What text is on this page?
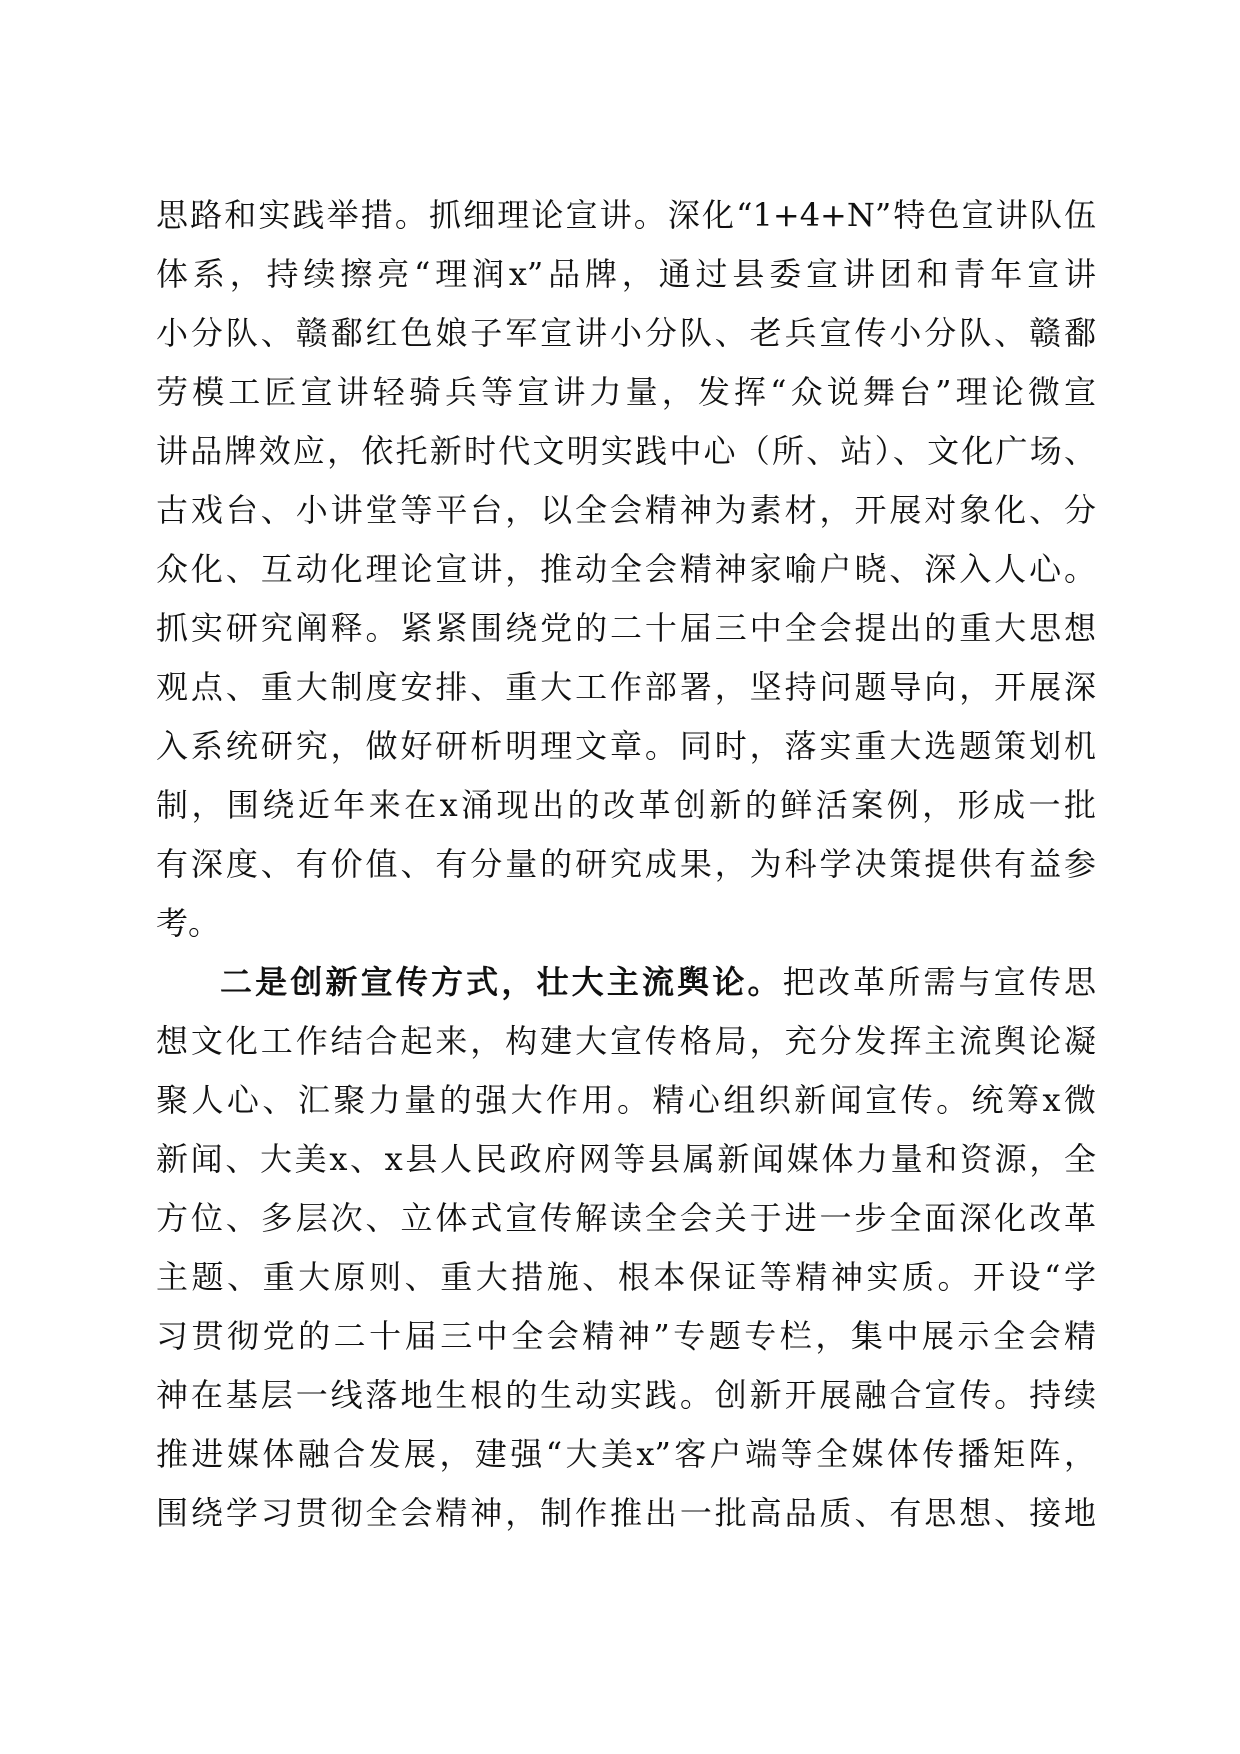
思路和实践举措。抓细理论宣讲。深化“1+4+N”特色宣讲队伍
体系，持续擦亮“理润x”品牌，通过县委宣讲团和青年宣讲
小分队、赣鄱红色娘子军宣讲小分队、老兵宣传小分队、赣鄱
劳模工匠宣讲轻骑兵等宣讲力量，发挥“众说舞台”理论微宣
讲品牌效应，依托新时代文明实践中心（所、站）、文化广场、
古戏台、小讲堂等平台，以全会精神为素材，开展对象化、分
众化、互动化理论宣讲，推动全会精神家喻户晓、深入人心。
抓实研究阐释。紧紧围绕党的二十届三中全会提出的重大思想
观点、重大制度安排、重大工作部署，坚持问题导向，开展深
入系统研究，做好研析明理文章。同时，落实重大选题策划机
制，围绕近年来在x涌现出的改革创新的鲜活案例，形成一批
有深度、有价值、有分量的研究成果，为科学决策提供有益参
考。
二是创新宣传方式，壮大主流舆论。把改革所需与宣传思
想文化工作结合起来，构建大宣传格局，充分发挥主流舆论凝
聚人心、汇聚力量的强大作用。精心组织新闻宣传。统筹x微
新闻、大美x、x县人民政府网等县属新闻媒体力量和资源，全
方位、多层次、立体式宣传解读全会关于进一步全面深化改革
主题、重大原则、重大措施、根本保证等精神实质。开设“学
习贯彻党的二十届三中全会精神”专题专栏，集中展示全会精
神在基层一线落地生根的生动实践。创新开展融合宣传。持续
推进媒体融合发展，建强“大美x”客户端等全媒体传播矩阵，
围绕学习贯彻全会精神，制作推出一批高品质、有思想、接地
